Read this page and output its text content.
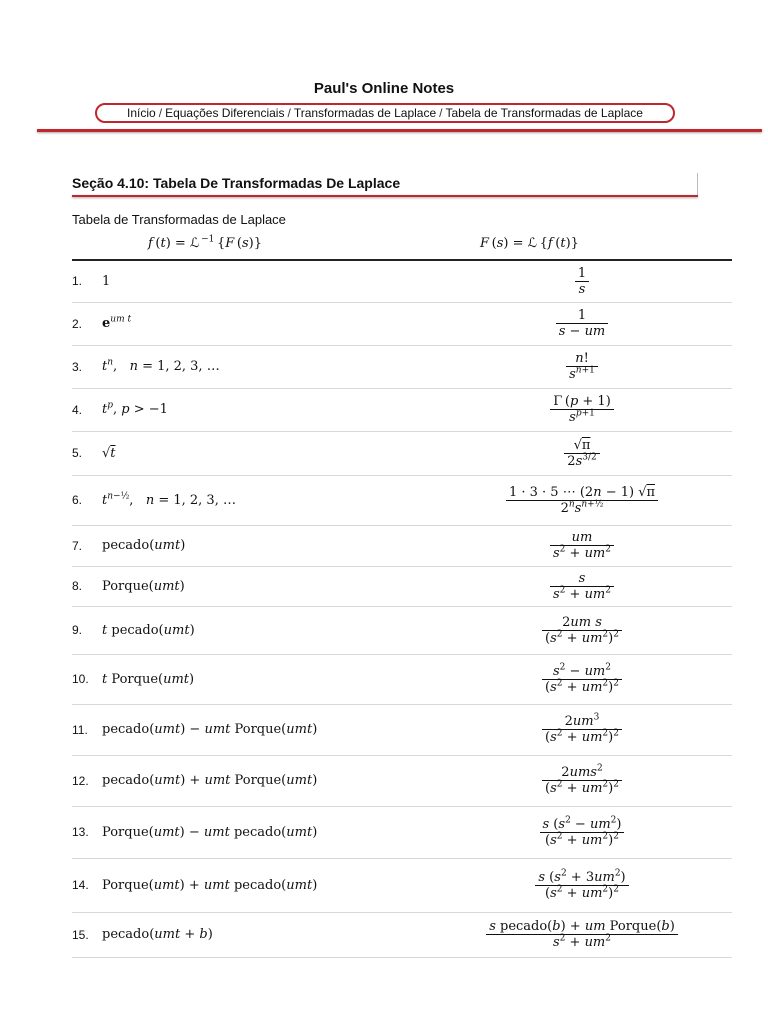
Paul's Online Notes
Início / Equações Diferenciais / Transformadas de Laplace / Tabela de Transformadas de Laplace
Seção 4.10: Tabela De Transformadas De Laplace
Tabela de Transformadas de Laplace
f (t) = ℒ $^{-1}$ {F (s)}	F (s) = ℒ {f (t)}
1.	1	$\frac{1}{s}$

2.	$e^{um t}$	$\frac{1}{s - um}$

3.	$t^n$,   n = 1, 2, 3, …	$\frac{n!}{s^{n+1}}$

4.	$t^p$, p > −1	$\frac{\Gamma (p + 1)}{s^{p+1}}$

5.	√t	$\frac{√\pi}{2s^{3/2}}$

6.	$t^{n-\frac{1}{2}}$,   n = 1, 2, 3, …	$\frac{1 \cdot 3 \cdot 5 \cdots (2n - 1) √\pi}{2^ns^{n+\frac{1}{2}}}$

7.	pecado(umt)	$\frac{um}{s^2 + um^2}$

8.	Porque(umt)	$\frac{s}{s^2 + um^2}$

9.	t pecado(umt)	$\frac{\text{2um s}}{(s^2 + um^2)^2}$

10.	t Porque(umt)	$\frac{s^2 - um^2}{(s^2 + um^2)^2}$

11.	pecado(umt) − umt Porque(umt)	$\frac{2um^3}{(s^2 + um^2)^2}$

12.	pecado(umt) + umt Porque(umt)	$\frac{2ums^2}{(s^2 + um^2)^2}$

13.	Porque(umt) − umt pecado(umt)	$\frac{s (s^2 - um^2)}{(s^2 + um^2)^2}$

14.	Porque(umt) + umt pecado(umt)	$\frac{s (s^2 + 3um^2)}{(s^2 + um^2)^2}$

15.	pecado(umt + b)	$\frac{\text{s pecado(b) + um Porque(b)}}{s^2 + um^2}$
